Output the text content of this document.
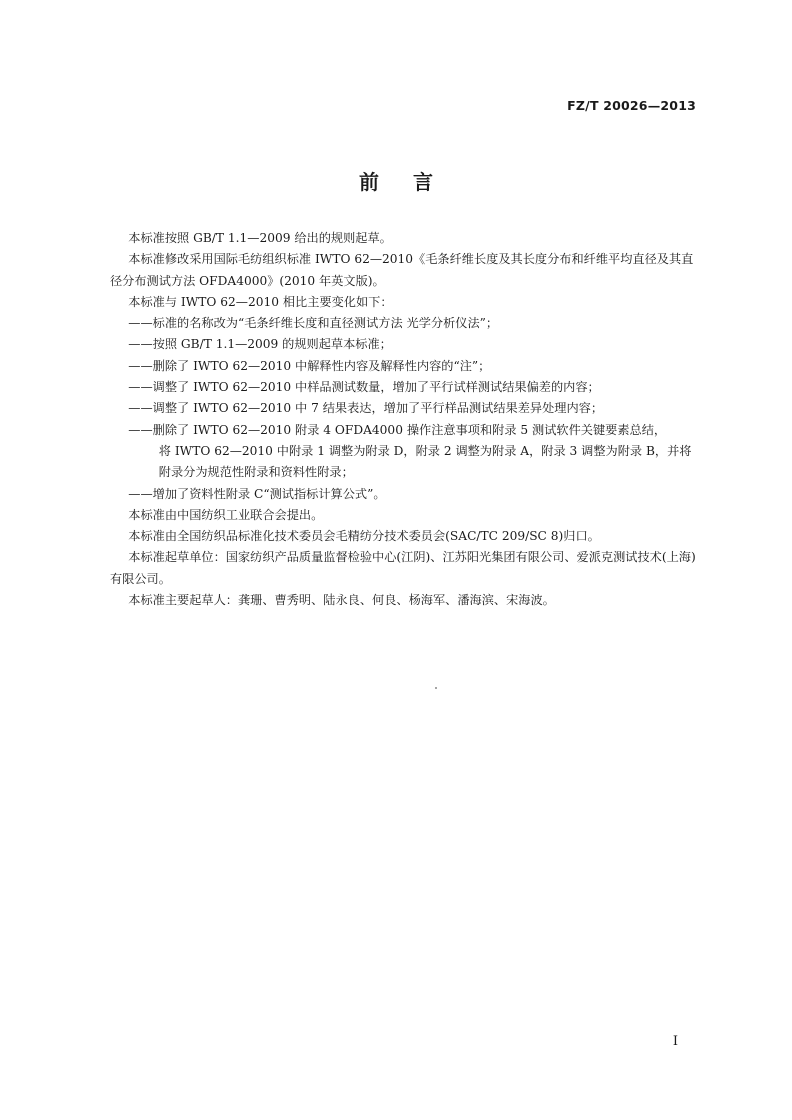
FZ/T 20026—2013
前言

本标准按照 GB/T 1.1—2009 给出的规则起草。

本标准修改采用国际毛纺组织标准 IWTO 62—2010《毛条纤维长度及其长度分布和纤维平均直径及其直径分布测试方法 OFDA4000》(2010 年英文版)。

本标准与 IWTO 62—2010 相比主要变化如下：

——标准的名称改为“毛条纤维长度和直径测试方法 光学分析仪法”；

——按照 GB/T 1.1—2009 的规则起草本标准；

——删除了 IWTO 62—2010 中解释性内容及解释性内容的“注”；

——调整了 IWTO 62—2010 中样品测试数量，增加了平行试样测试结果偏差的内容；

——调整了 IWTO 62—2010 中 7 结果表达，增加了平行样品测试结果差异处理内容；

——删除了 IWTO 62—2010 附录 4 OFDA4000 操作注意事项和附录 5 测试软件关键要素总结，

将 IWTO 62—2010 中附录 1 调整为附录 D，附录 2 调整为附录 A，附录 3 调整为附录 B，并将附录分为规范性附录和资料性附录；

——增加了资料性附录 C“测试指标计算公式”。

本标准由中国纺织工业联合会提出。

本标准由全国纺织品标准化技术委员会毛精纺分技术委员会(SAC/TC 209/SC 8)归口。

本标准起草单位：国家纺织产品质量监督检验中心(江阴)、江苏阳光集团有限公司、爱派克测试技术(上海)有限公司。

本标准主要起草人：龚珊、曹秀明、陆永良、何良、杨海军、潘海滨、宋海波。

I
